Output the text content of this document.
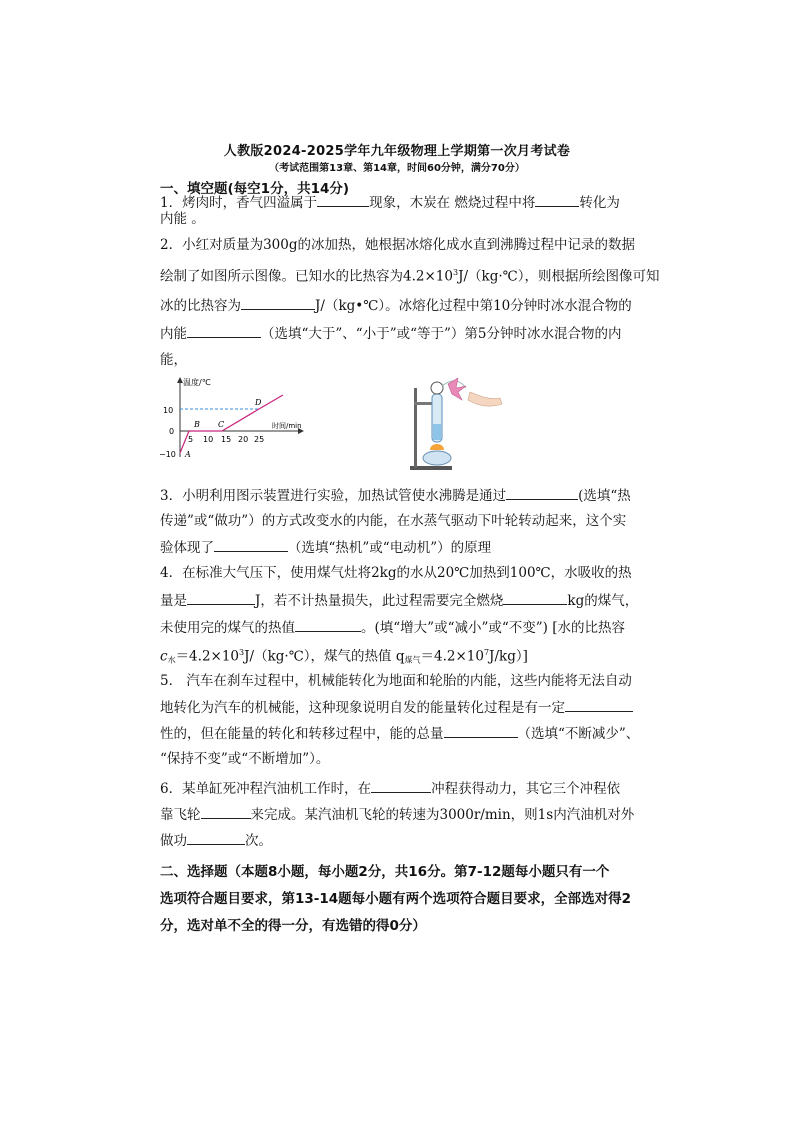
人教版2024-2025学年九年级物理上学期第一次月考试卷
（考试范围第13章、第14章，时间60分钟，满分70分）
一、填空题(每空1分，共14分)
1．烤肉时，香气四溢属于	现象，木炭在 燃烧过程中将	转化为
内能 。
2．小红对质量为300g的冰加热，她根据冰熔化成水直到沸腾过程中记录的数据
绘制了如图所示图像。已知水的比热容为$4.2\times 10^3J/(kg\cdot℃)$，则根据所绘图像可知
冰的比热容为	J/（kg•℃）。冰熔化过程中第10分钟时冰水混合物的
内能	（选填“大于”、“小于”或“等于”）第5分钟时冰水混合物的内
能，
温度/℃
时间/min
10
0
−10
5 10 15 20 25
A
B C
D
3．小明利用图示装置进行实验，加热试管使水沸腾是通过	(选填“热
传递”或“做功”）的方式改变水的内能，在水蒸气驱动下叶轮转动起来，这个实
验体现了	（选填“热机”或“电动机”）的原理
4．在标准大气压下，使用煤气灶将2kg的水从20℃加热到100℃，水吸收的热
量是	J，若不计热量损失，此过程需要完全燃烧	kg的煤气，
未使用完的煤气的热值	。(填“增大”或“减小”或“不变”) [水的比热容
$c_水=4.2\times 10^3J/(kg\cdot℃)$，煤气的热值 $q_{煤气}=4.2\times 10^7J/kg$）]
5． 汽车在刹车过程中，机械能转化为地面和轮胎的内能，这些内能将无法自动
地转化为汽车的机械能，这种现象说明自发的能量转化过程是有一定
性的，但在能量的转化和转移过程中，能的总量	（选填“不断减少”、
“保持不变”或“不断增加”）。
6．某单缸死冲程汽油机工作时，在	冲程获得动力，其它三个冲程依
靠飞轮	来完成。某汽油机飞轮的转速为3000r/min，则1s内汽油机对外
做功	次。
二、选择题（本题8小题，每小题2分，共16分。第7-12题每小题只有一个
选项符合题目要求，第13-14题每小题有两个选项符合题目要求，全部选对得2
分，选对单不全的得一分，有选错的得0分）
